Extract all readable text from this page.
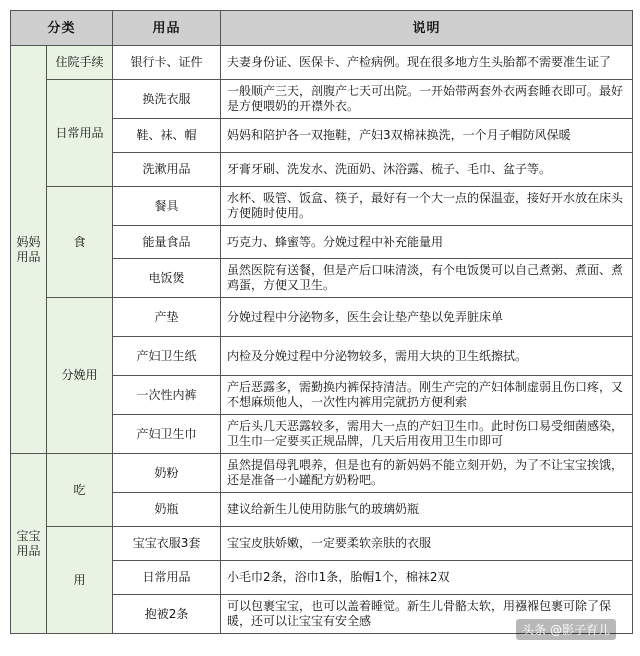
分类		用品	说明
妈妈用品	住院手续	银行卡、证件	夫妻身份证、医保卡、产检病例。现在很多地方生头胎都不需要准生证了
	日常用品	换洗衣服	一般顺产三天，剖腹产七天可出院。一开始带两套外衣两套睡衣即可。最好是方便喂奶的开襟外衣。
		鞋、袜、帽	妈妈和陪护各一双拖鞋，产妇3双棉袜换洗，一个月子帽防风保暖
		洗漱用品	牙膏牙刷、洗发水、洗面奶、沐浴露、梳子、毛巾、盆子等。
	食	餐具	水杯、吸管、饭盒、筷子，最好有一个大一点的保温壶，接好开水放在床头方便随时使用。
		能量食品	巧克力、蜂蜜等。分娩过程中补充能量用
		电饭煲	虽然医院有送餐，但是产后口味清淡，有个电饭煲可以自己煮粥、煮面、煮鸡蛋，方便又卫生。
	分娩用	产垫	分娩过程中分泌物多，医生会让垫产垫以免弄脏床单
		产妇卫生纸	内检及分娩过程中分泌物较多，需用大块的卫生纸擦拭。
		一次性内裤	产后恶露多，需勤换内裤保持清洁。刚生产完的产妇体制虚弱且伤口疼，又不想麻烦他人，一次性内裤用完就扔方便利索
		产妇卫生巾	产后头几天恶露较多，需用大一点的产妇卫生巾。此时伤口易受细菌感染，卫生巾一定要买正规品牌，几天后用夜用卫生巾即可
宝宝用品	吃	奶粉	虽然提倡母乳喂养，但是也有的新妈妈不能立刻开奶，为了不让宝宝挨饿，还是准备一小罐配方奶粉吧。
		奶瓶	建议给新生儿使用防胀气的玻璃奶瓶
	用	宝宝衣服3套	宝宝皮肤娇嫩，一定要柔软亲肤的衣服
		日常用品	小毛巾2条，浴巾1条，胎帽1个，棉袜2双
		抱被2条	可以包裹宝宝，也可以盖着睡觉。新生儿骨骼太软，用襁褓包裹可除了保暖，还可以让宝宝有安全感
头条 @影子育儿
